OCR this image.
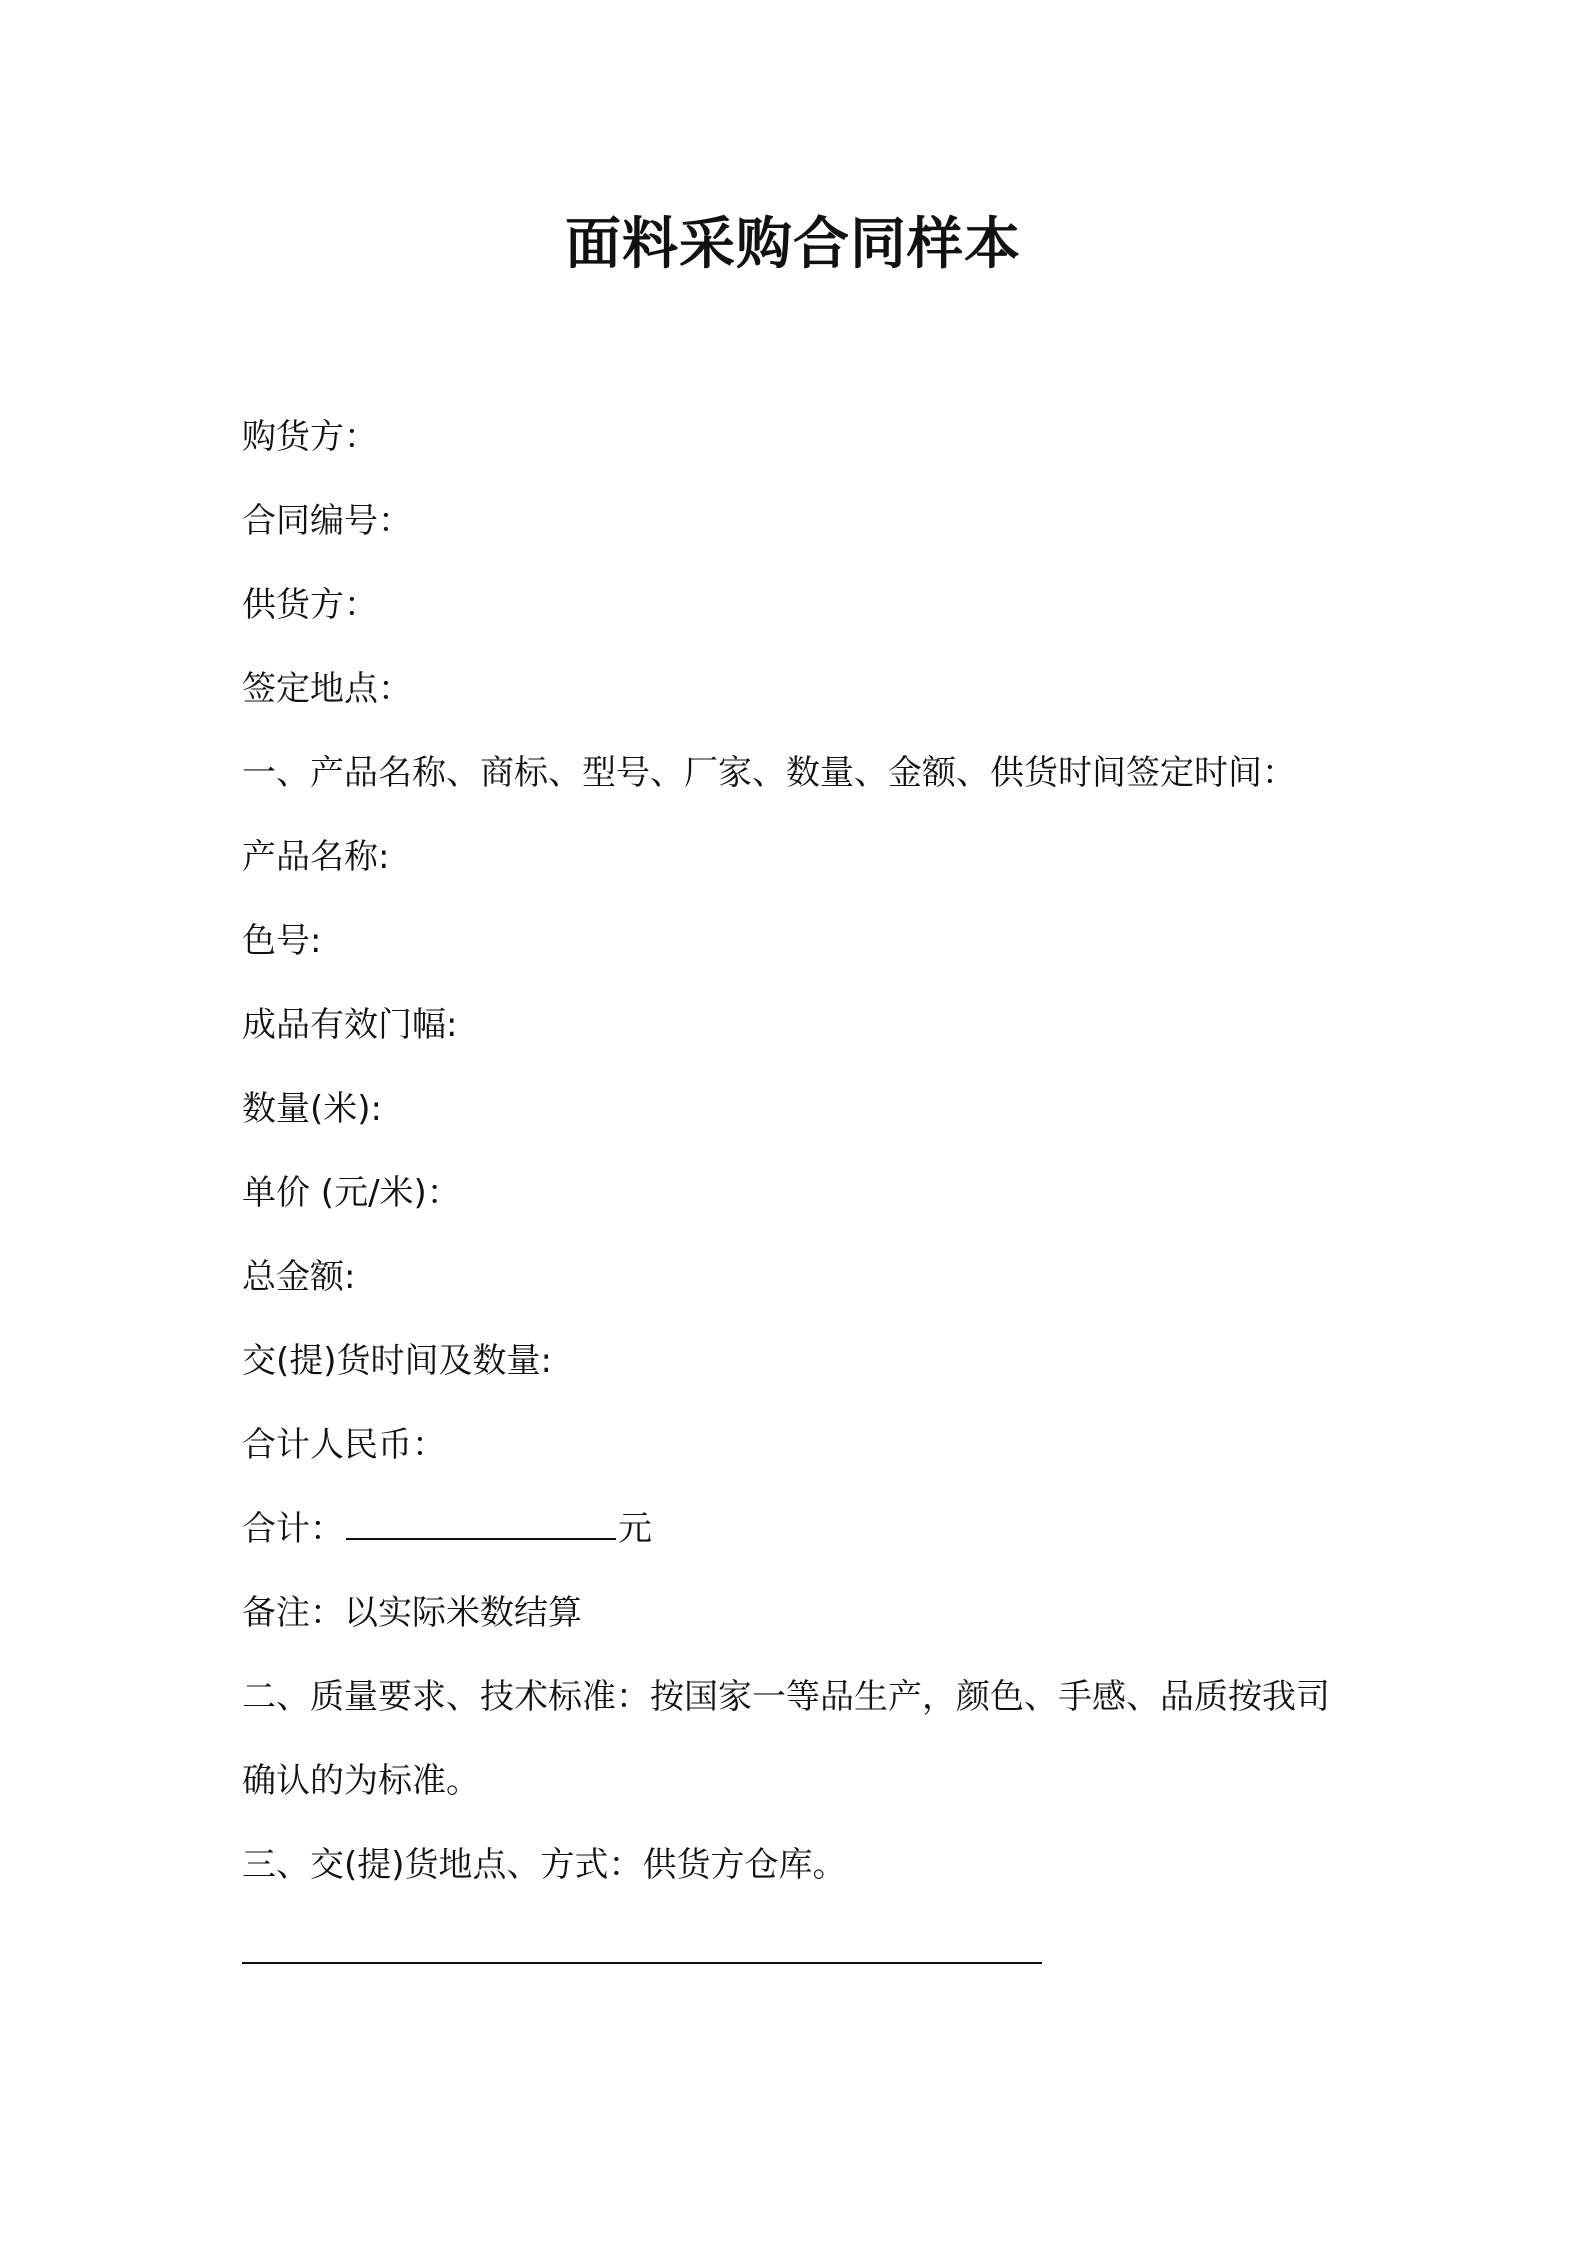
面料采购合同样本
购货方：
合同编号：
供货方：
签定地点：
一、产品名称、商标、型号、厂家、数量、金额、供货时间签定时间：
产品名称:
色号:
成品有效门幅:
数量(米):
单价 (元/米)：
总金额:
交(提)货时间及数量:
合计人民币：
合计：	元
备注：以实际米数结算
二、质量要求、技术标准：按国家一等品生产，颜色、手感、品质按我司确认的为标准。
三、交(提)货地点、方式：供货方仓库。
